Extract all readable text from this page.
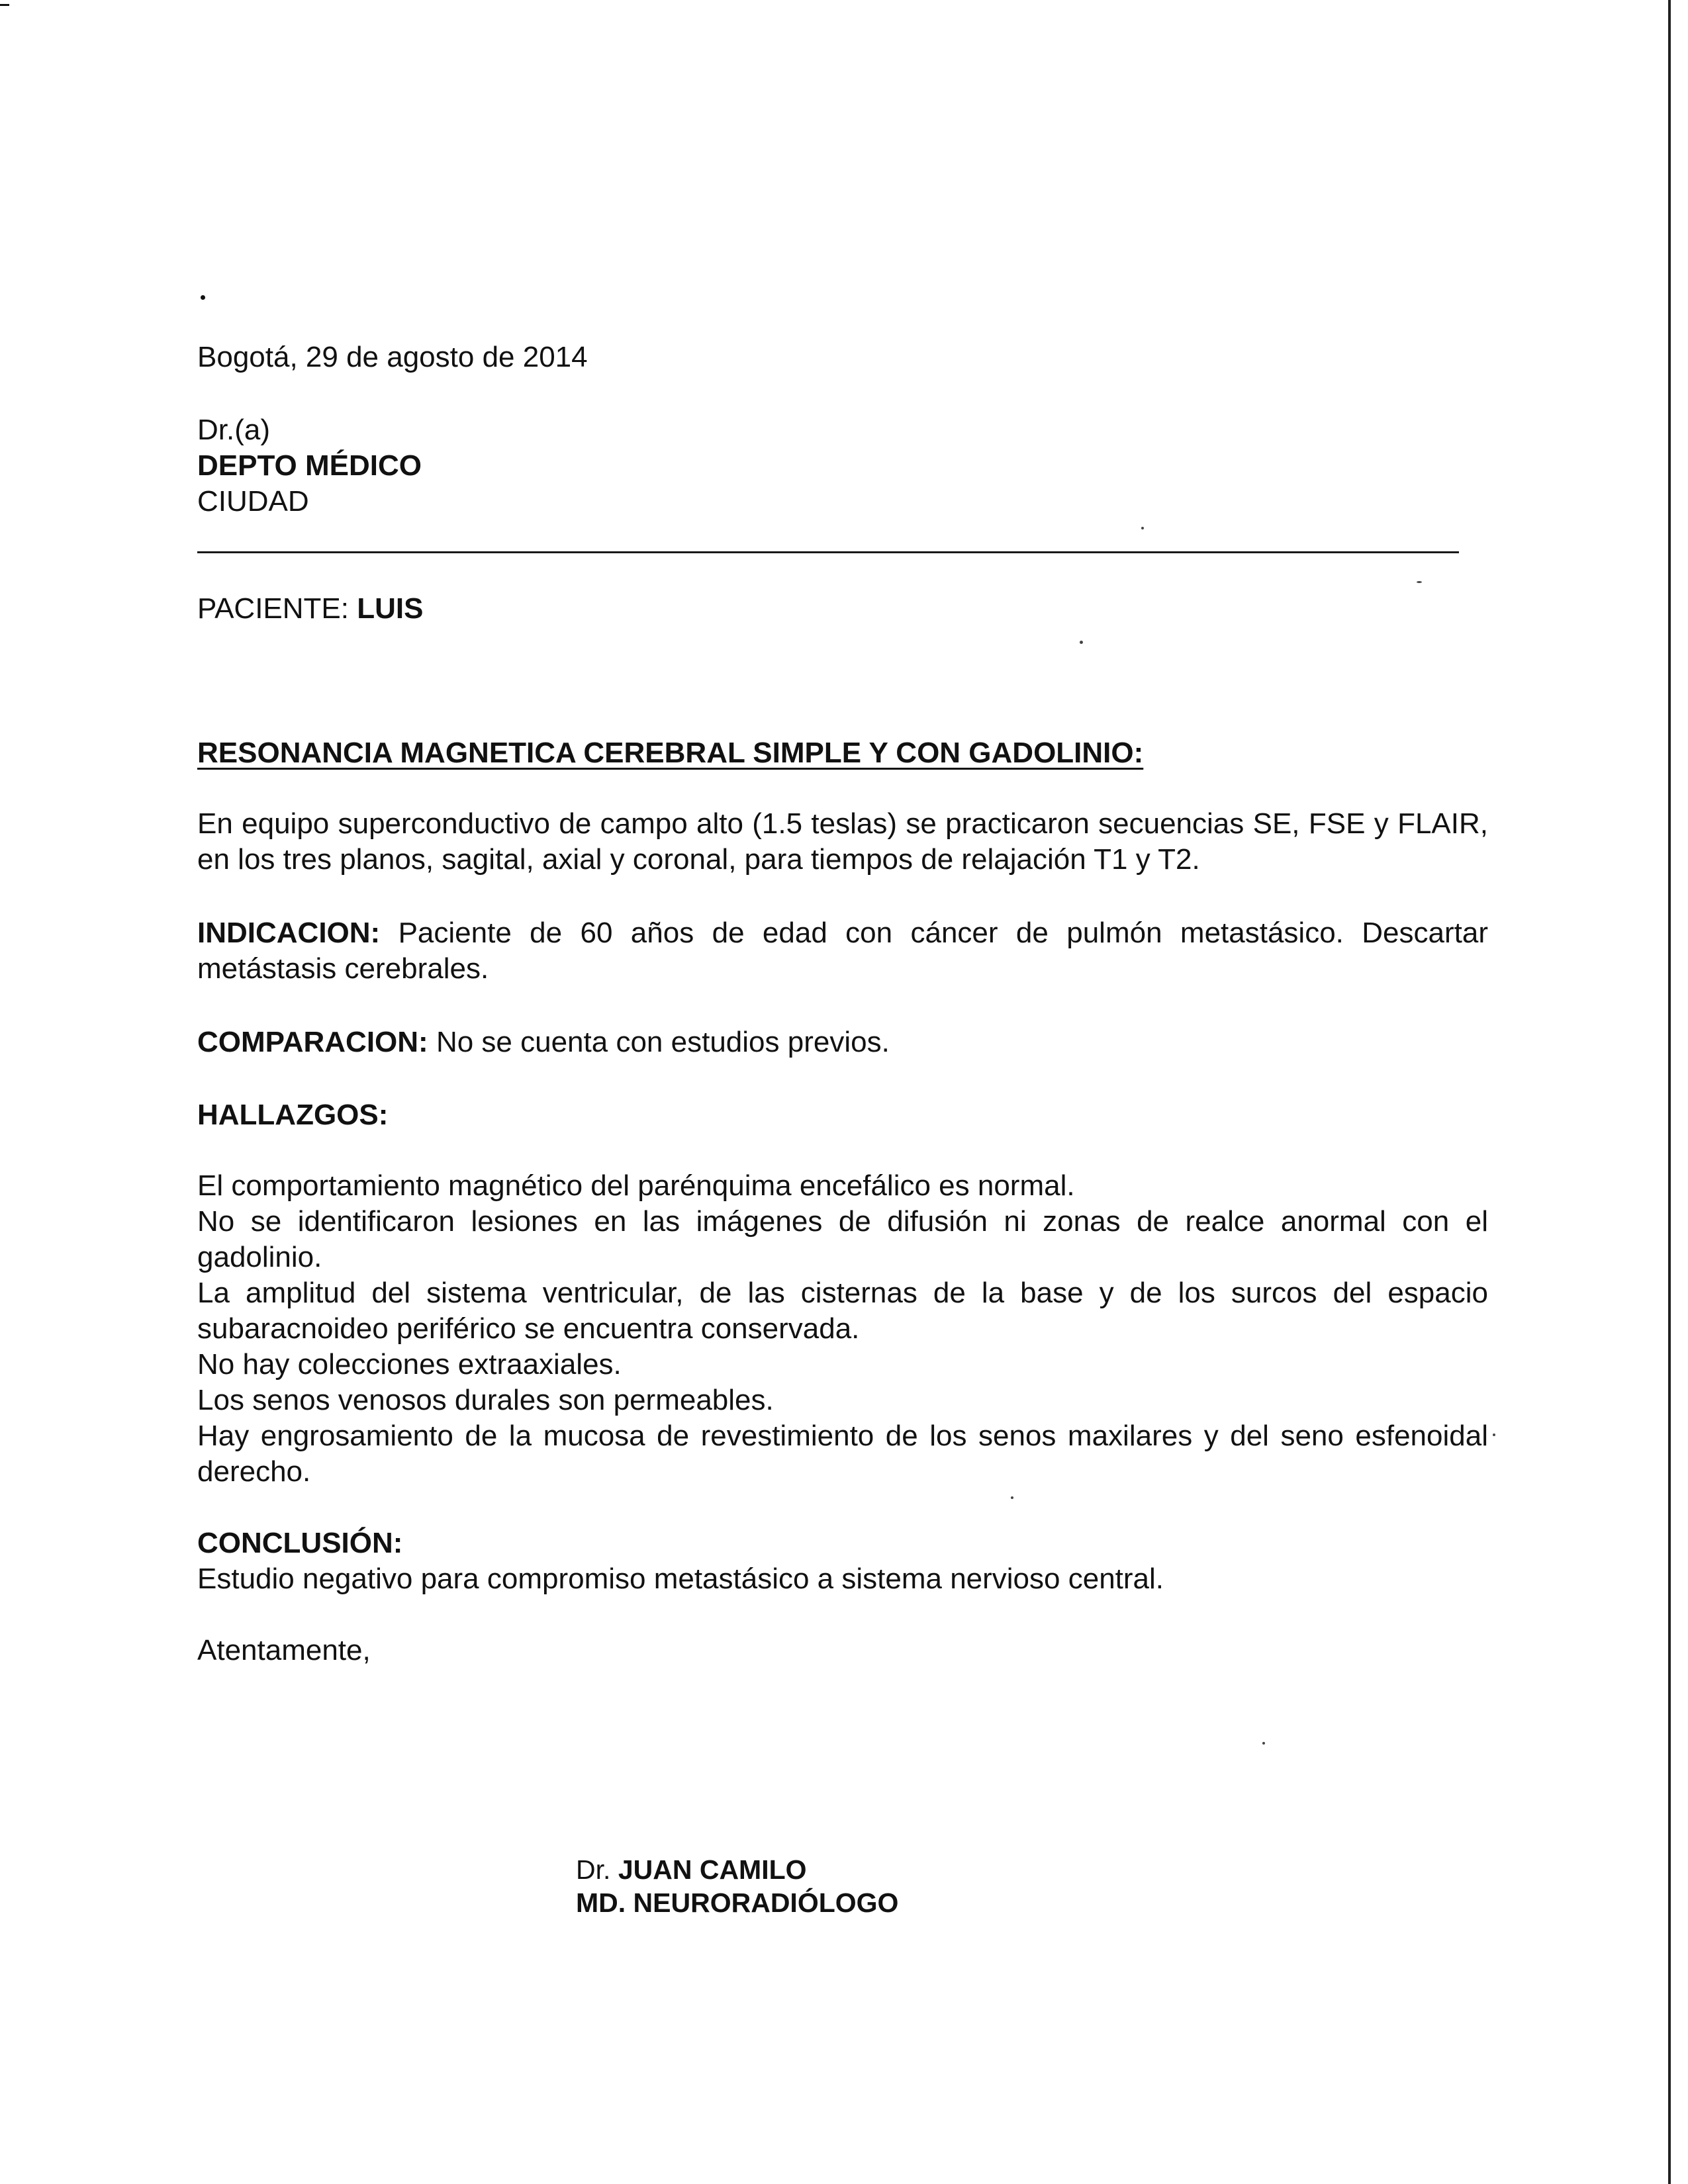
Bogotá, 29 de agosto de 2014

Dr.(a)
DEPTO MÉDICO
CIUDAD

PACIENTE: LUIS

RESONANCIA MAGNETICA CEREBRAL SIMPLE Y CON GADOLINIO:

En equipo superconductivo de campo alto (1.5 teslas) se practicaron secuencias SE, FSE y FLAIR, en los tres planos, sagital, axial y coronal, para tiempos de relajación T1 y T2.

INDICACION: Paciente de 60 años de edad con cáncer de pulmón metastásico. Descartar metástasis cerebrales.

COMPARACION: No se cuenta con estudios previos.

HALLAZGOS:

El comportamiento magnético del parénquima encefálico es normal.
No se identificaron lesiones en las imágenes de difusión ni zonas de realce anormal con el gadolinio.
La amplitud del sistema ventricular, de las cisternas de la base y de los surcos del espacio subaracnoideo periférico se encuentra conservada.
No hay colecciones extraaxiales.
Los senos venosos durales son permeables.
Hay engrosamiento de la mucosa de revestimiento de los senos maxilares y del seno esfenoidal derecho.
CONCLUSIÓN:
Estudio negativo para compromiso metastásico a sistema nervioso central.

Atentamente,

Dr. JUAN CAMILO
MD. NEURORADIÓLOGO
